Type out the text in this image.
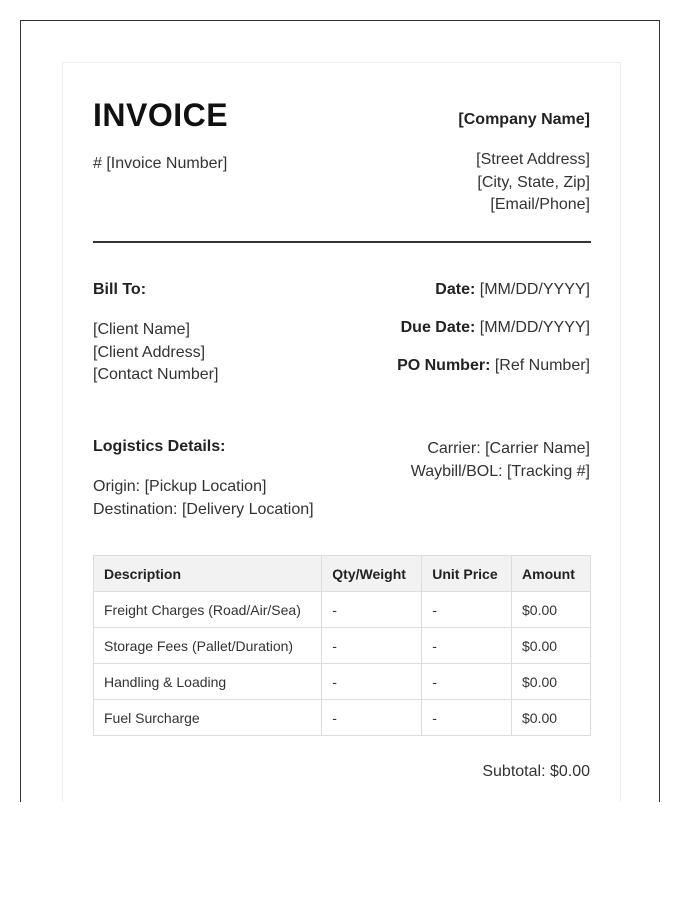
INVOICE
# [Invoice Number]
[Company Name]
[Street Address]
[City, State, Zip]
[Email/Phone]
Bill To:
[Client Name]
[Client Address]
[Contact Number]
Date: [MM/DD/YYYY]
Due Date: [MM/DD/YYYY]
PO Number: [Ref Number]
Logistics Details:
Origin: [Pickup Location]
Destination: [Delivery Location]
Carrier: [Carrier Name]
Waybill/BOL: [Tracking #]
Description	Qty/Weight	Unit Price	Amount
Freight Charges (Road/Air/Sea)	-	-	$0.00
Storage Fees (Pallet/Duration)	-	-	$0.00
Handling & Loading	-	-	$0.00
Fuel Surcharge	-	-	$0.00
Subtotal: $0.00
